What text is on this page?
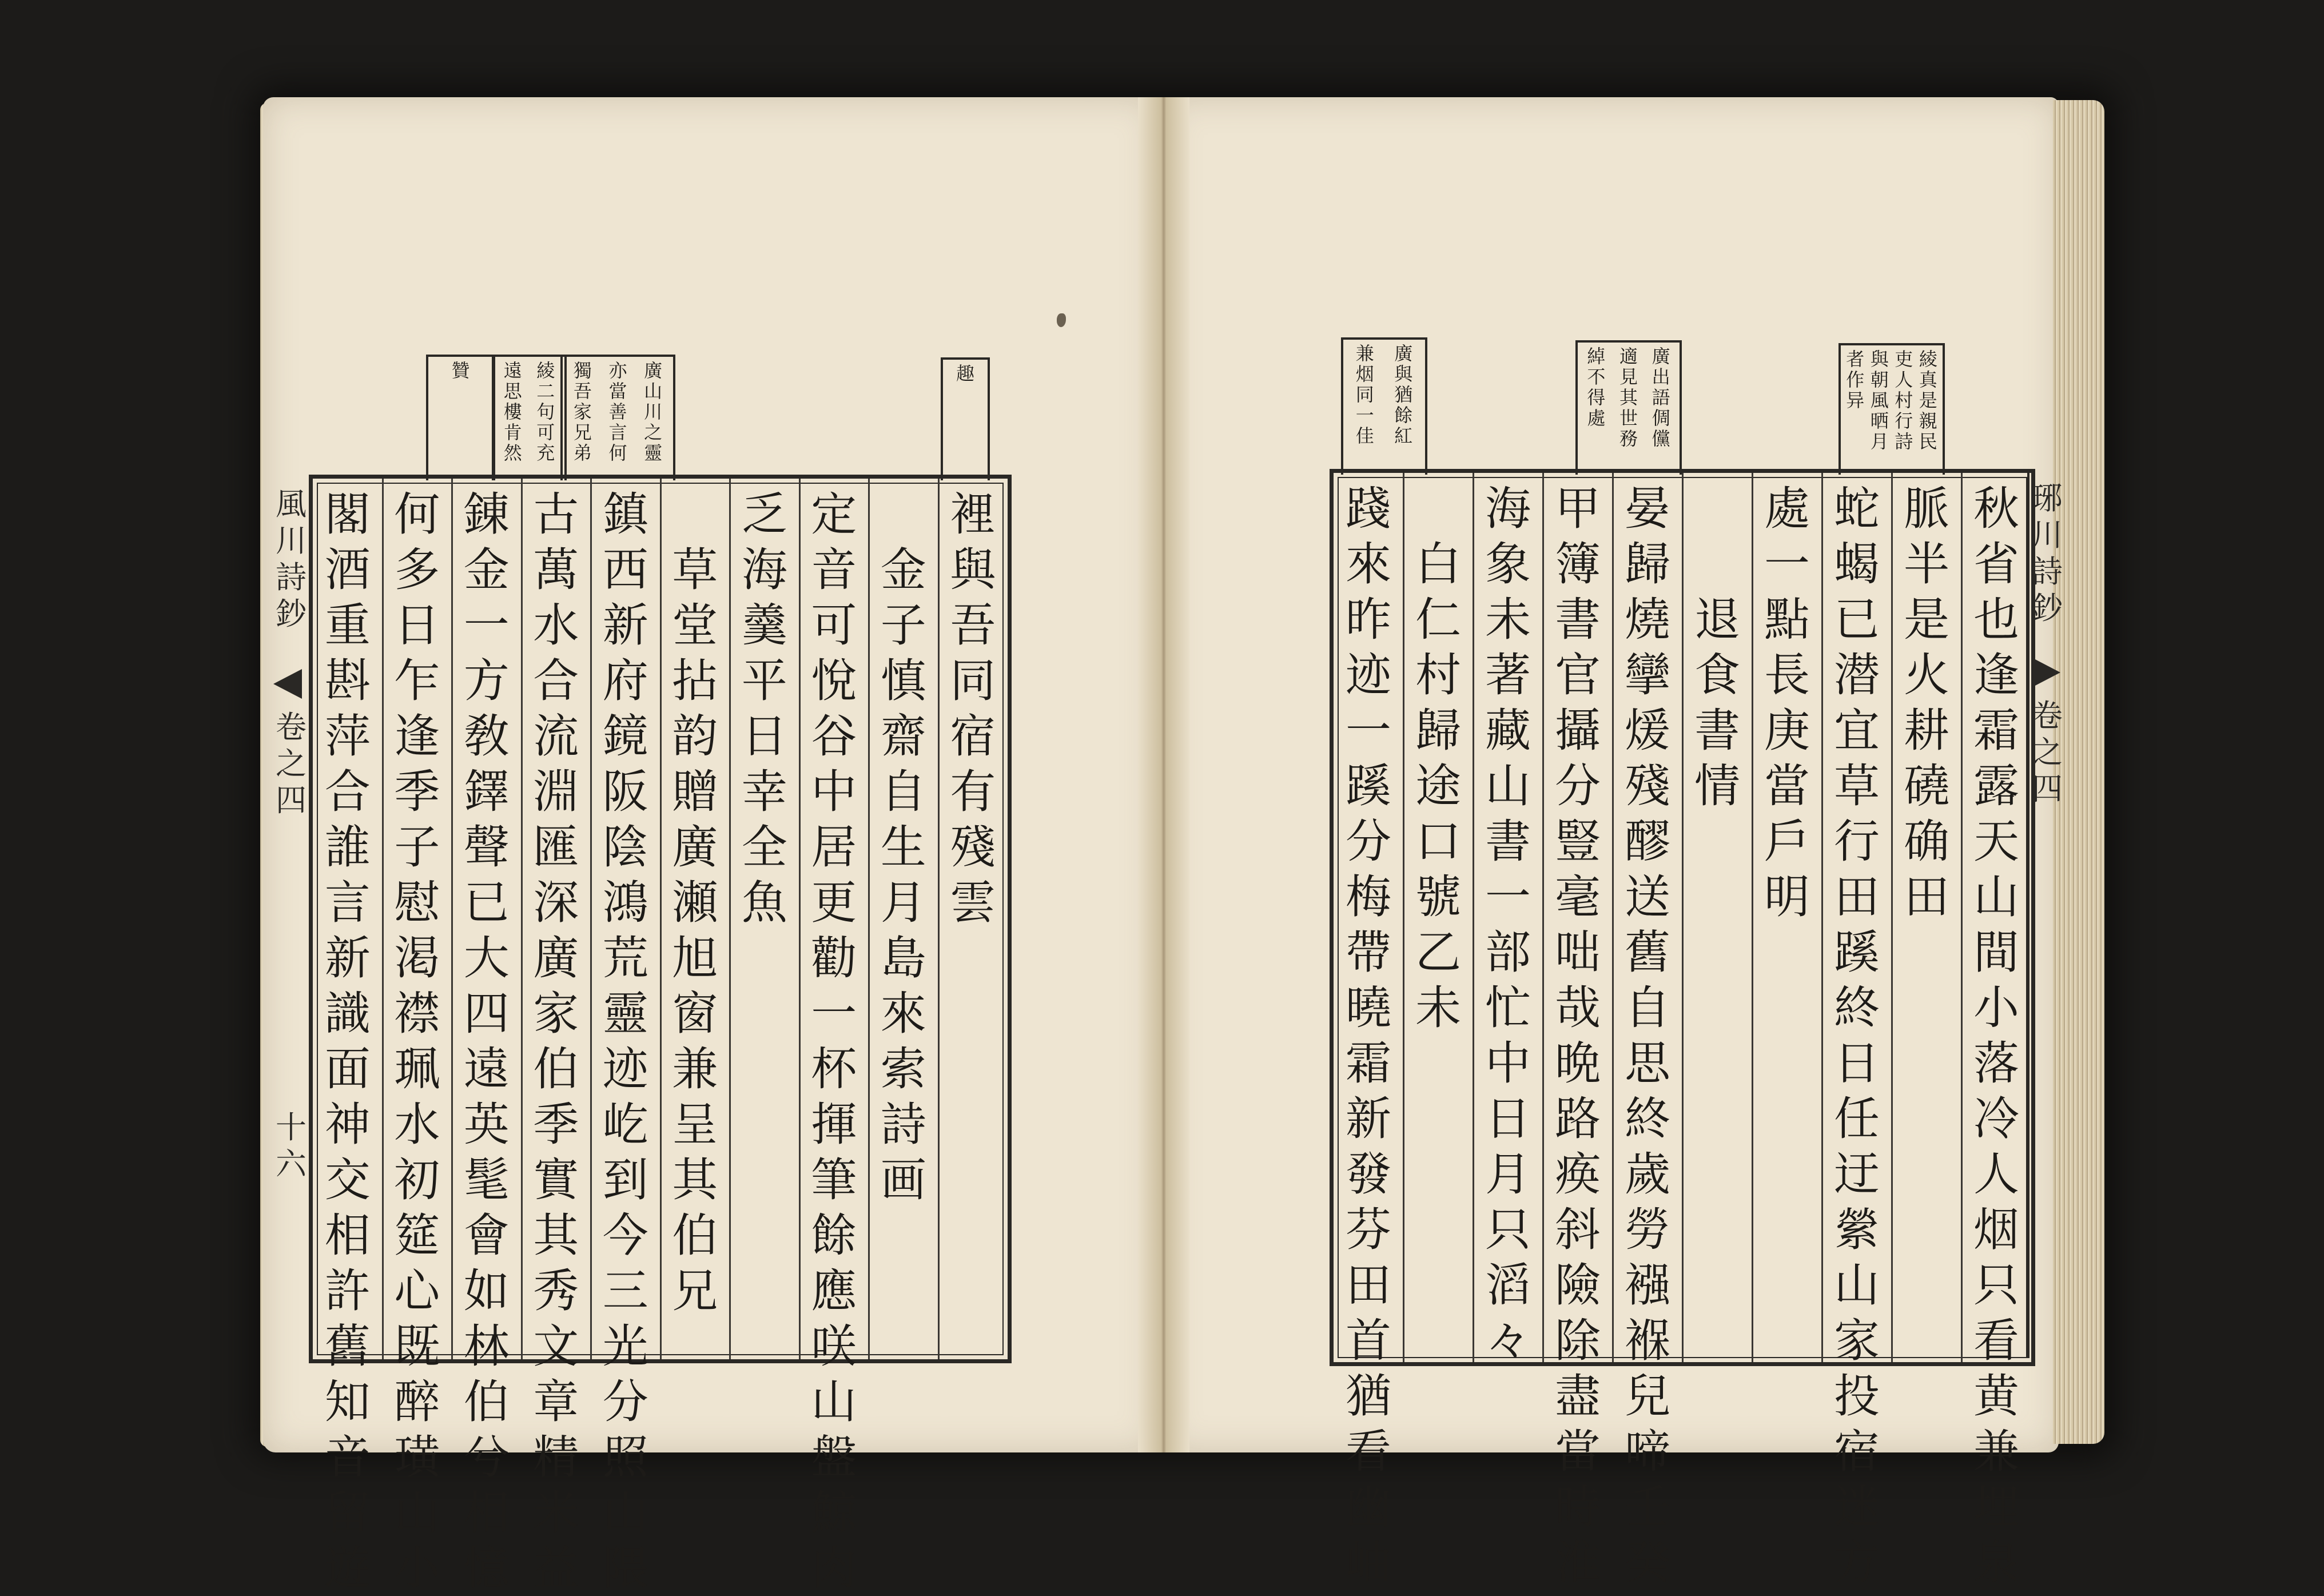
風
川
詩
鈔
卷
之
四
十
六
趣
廣
山
川
之
靈
亦
當
善
言
何
獨
吾
家
兄
弟
綾
二
句
可
充
遠
思
樓
肯
然
贊
裡
與
吾
同
宿
有
殘
雲
金
子
慎
齋
自
生
月
島
來
索
詩
画
定
音
可
悅
谷
中
居
更
勸
一
杯
揮
筆
餘
應
咲
山
盤
鯨
肉
乏
海
羹
平
日
幸
全
魚
草
堂
拈
韵
贈
廣
瀬
旭
窗
兼
呈
其
伯
兄
鎮
西
新
府
鏡
阪
陰
鴻
荒
靈
迹
屹
到
今
三
光
分
照
山
隈
古
萬
水
合
流
淵
匯
深
廣
家
伯
季
實
其
秀
文
章
精
米
益
錬
金
一
方
敎
鐸
聲
已
大
四
遠
英
髦
會
如
林
伯
兮
相
憶
何
多
日
乍
逢
季
子
慰
渇
襟
珮
水
初
筵
心
既
醉
璜
山
小
閣
酒
重
斟
萍
合
誰
言
新
識
面
神
交
相
許
舊
知
音
留
遊
綾
真
是
親
民
吏
人
村
行
詩
與
朝
風
晒
月
者
作
异
廣
出
語
倜
儻
適
見
其
世
務
綽
不
得
處
廣
與
猶
餘
紅
兼
烟
同
一
佳
秋
省
也
逢
霜
露
天
山
間
小
落
冷
人
烟
只
看
黄
兼
埋
泉
脈
半
是
火
耕
磽
确
田
蛇
蝎
已
潜
宜
草
行
田
蹊
終
日
任
迂
縈
山
家
投
宿
迷
方
處
一
點
長
庚
當
戶
明
退
食
書
情
晏
歸
燒
攣
煖
殘
醪
送
舊
自
思
終
歲
勞
襁
褓
兒
啼
壬
癸
甲
簿
書
官
攝
分
豎
毫
咄
哉
晩
路
痪
斜
險
除
盡
當
時
淮
海
象
未
著
藏
山
書
一
部
忙
中
日
月
只
滔
々
白
仁
村
歸
途
口
號
乙
未
踐
來
昨
迹
一
蹊
分
梅
帶
曉
霜
新
發
芬
田
首
猶
看
幽
岫
琊
川
詩
鈔
卷
之
四
